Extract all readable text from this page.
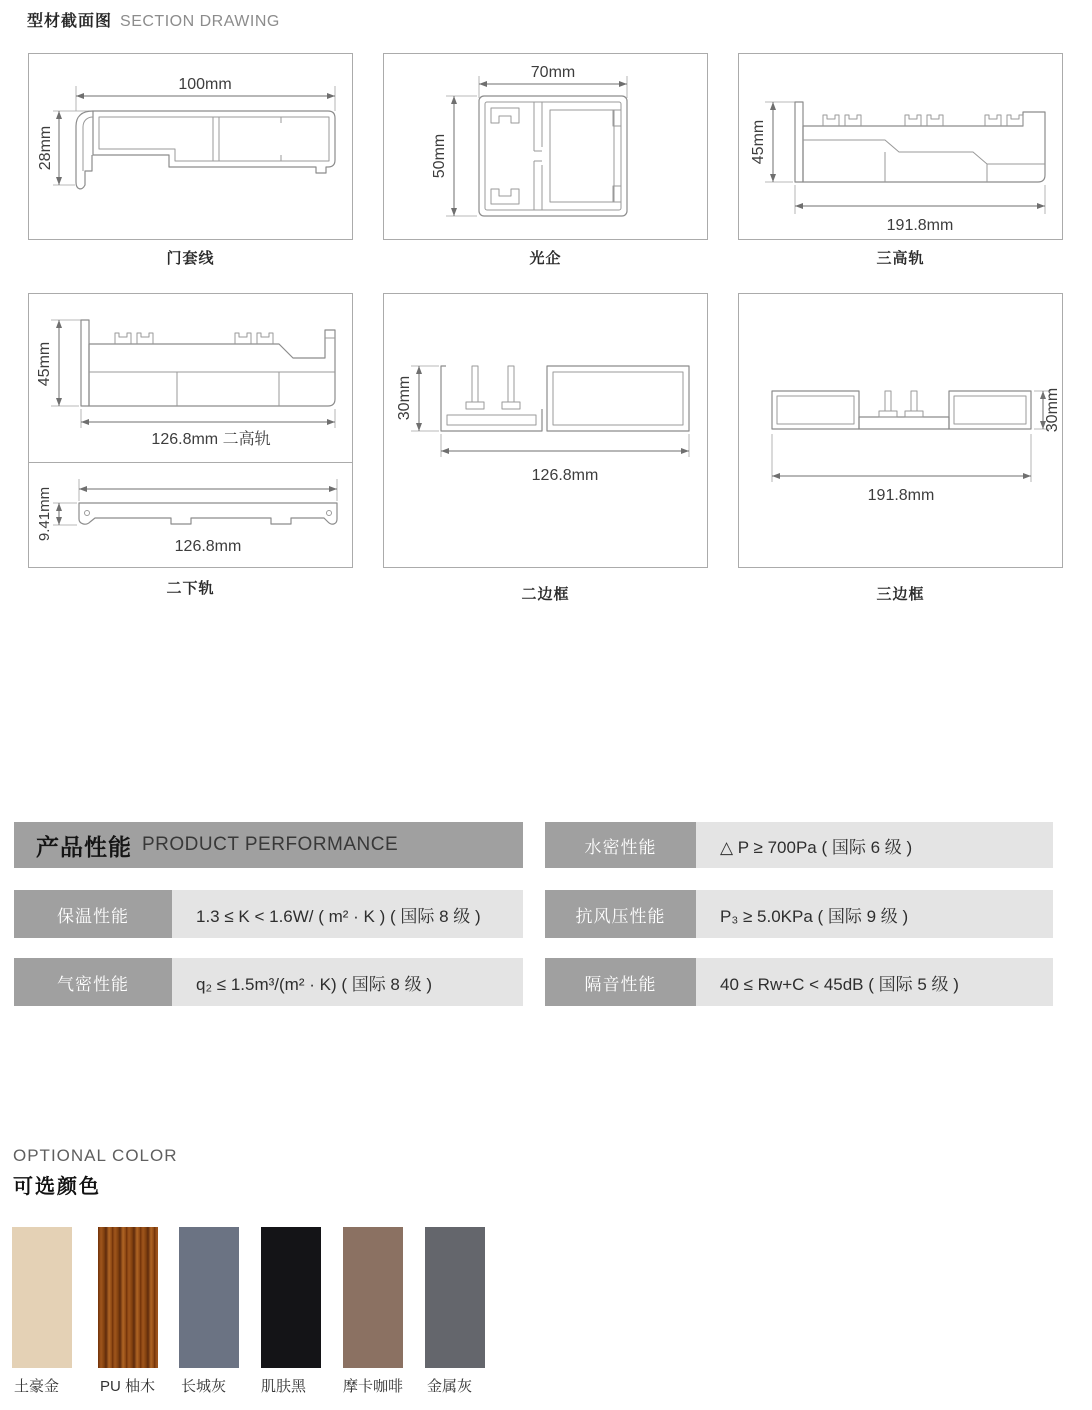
型材截面图 SECTION DRAWING
100mm
28mm
70mm
50mm	45mm
191.8mm
45mm
126.8mm 二高轨
9.41mm
126.8mm
30mm
126.8mm
30mm
191.8mm
门套线	光企	三高轨
二下轨	二边框	三边框
产品性能 PRODUCT PERFORMANCE	水密性能	△ P ≥ 700Pa ( 国际 6 级 )
保温性能	1.3 ≤ K < 1.6W/ ( m² · K ) ( 国际 8 级 )	抗风压性能	P₃ ≥ 5.0KPa ( 国际 9 级 )
气密性能	q₂ ≤ 1.5m³/(m² · K) ( 国际 8 级 )	隔音性能	40 ≤ Rw+C < 45dB ( 国际 5 级 )
OPTIONAL COLOR
可选颜色
土豪金	PU 柚木 长城灰 肌肤黑 摩卡咖啡 金属灰
